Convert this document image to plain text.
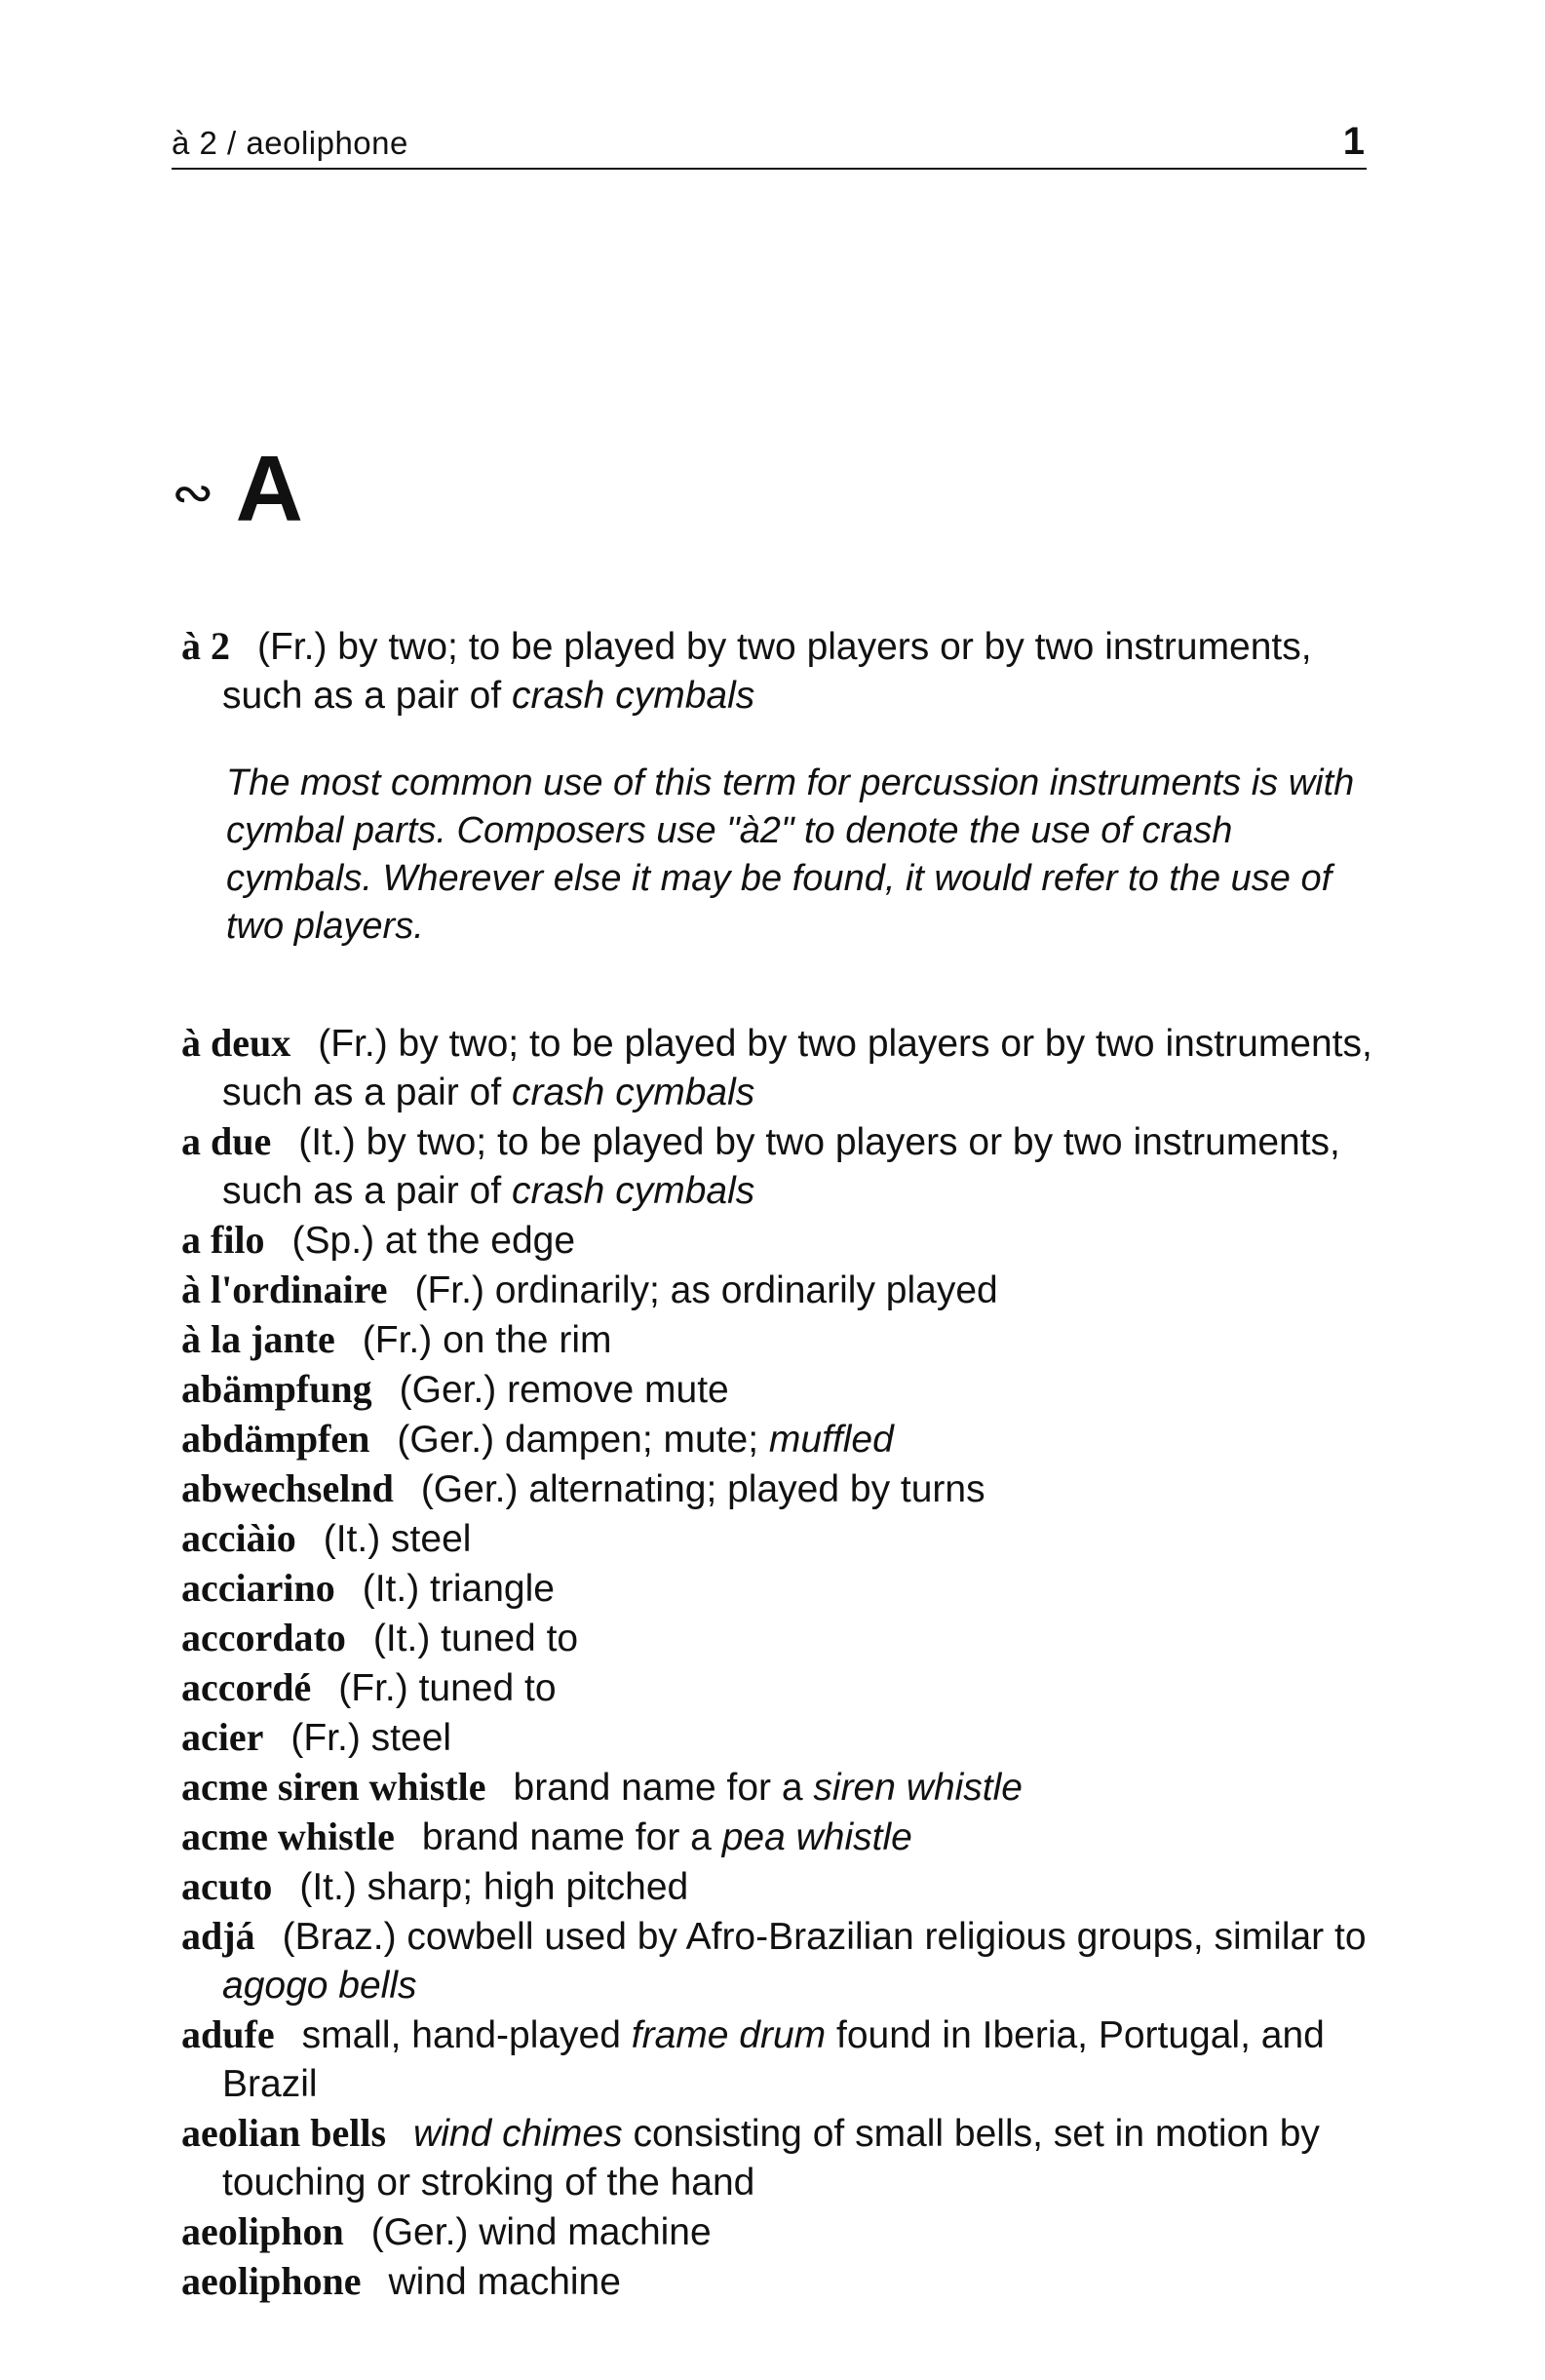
à 2 / aeoliphone	1
∾ A
à 2 (Fr.) by two; to be played by two players or by two instruments, such as a pair of crash cymbals
The most common use of this term for percussion instruments is with cymbal parts. Composers use "à2" to denote the use of crash cymbals. Wherever else it may be found, it would refer to the use of two players.
à deux (Fr.) by two; to be played by two players or by two instruments, such as a pair of crash cymbals
a due (It.) by two; to be played by two players or by two instruments, such as a pair of crash cymbals
a filo (Sp.) at the edge
à l'ordinaire (Fr.) ordinarily; as ordinarily played
à la jante (Fr.) on the rim
abämpfung (Ger.) remove mute
abdämpfen (Ger.) dampen; mute; muffled
abwechselnd (Ger.) alternating; played by turns
acciàio (It.) steel
acciarino (It.) triangle
accordato (It.) tuned to
accordé (Fr.) tuned to
acier (Fr.) steel
acme siren whistle brand name for a siren whistle
acme whistle brand name for a pea whistle
acuto (It.) sharp; high pitched
adjá (Braz.) cowbell used by Afro-Brazilian religious groups, similar to agogo bells
adufe small, hand-played frame drum found in Iberia, Portugal, and Brazil
aeolian bells wind chimes consisting of small bells, set in motion by touching or stroking of the hand
aeoliphon (Ger.) wind machine
aeoliphone wind machine
